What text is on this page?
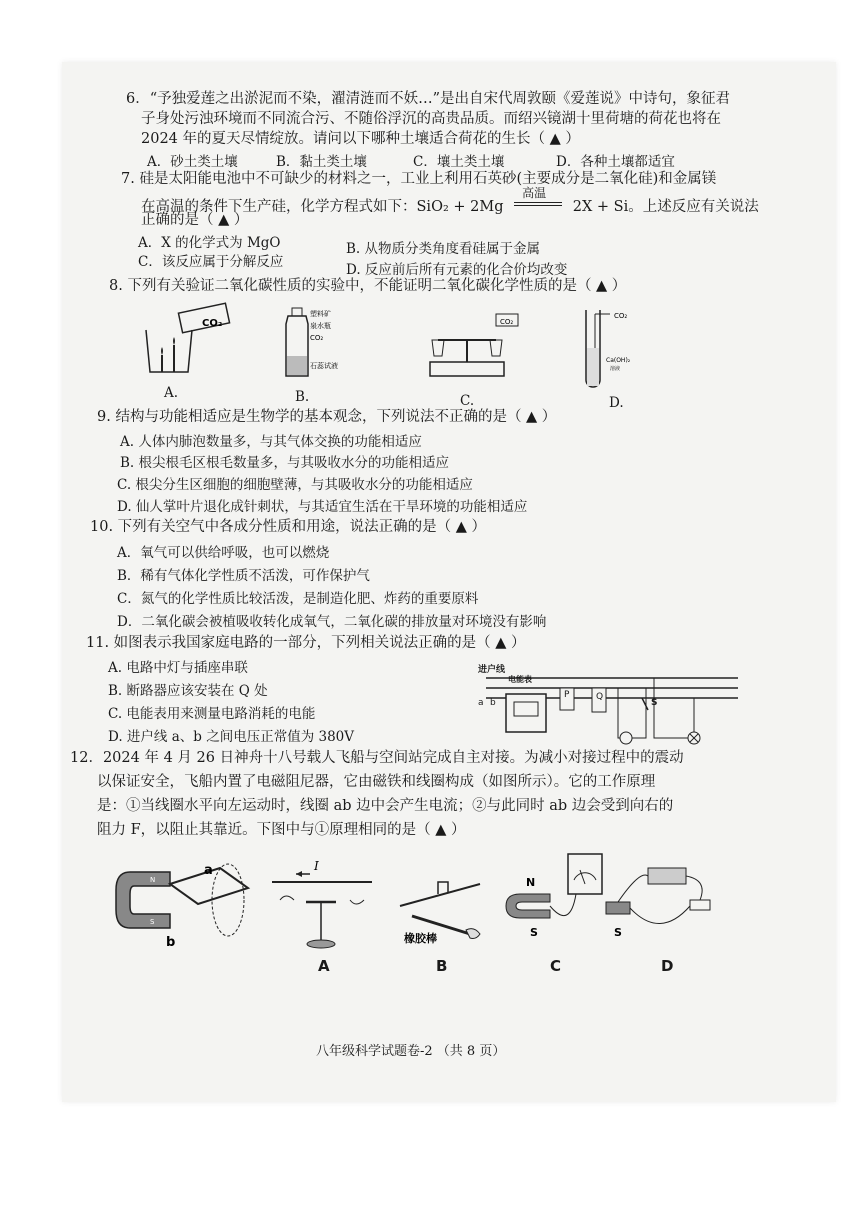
6．“予独爱莲之出淤泥而不染，濯清涟而不妖…”是出自宋代周敦颐《爱莲说》中诗句，象征君
子身处污浊环境而不同流合污、不随俗浮沉的高贵品质。而绍兴镜湖十里荷塘的荷花也将在
2024 年的夏天尽情绽放。请问以下哪种土壤适合荷花的生长（ ▲ ）
A．砂土类土壤	B．黏土类土壤	C．壤土类土壤	D．各种土壤都适宜
7. 硅是太阳能电池中不可缺少的材料之一，工业上利用石英砂(主要成分是二氧化硅)和金属镁
在高温的条件下生产硅，化学方程式如下：SiO₂ + 2Mg
高温
2X + Si。上述反应有关说法
正确的是（ ▲ ）
A．X 的化学式为 MgO	B. 从物质分类角度看硅属于金属
C．该反应属于分解反应	D. 反应前后所有元素的化合价均改变
8. 下列有关验证二氧化碳性质的实验中，不能证明二氧化碳化学性质的是（ ▲ ）
CO₂
塑料矿
泉水瓶
CO₂
石蕊试液
CO₂
CO₂
Ca(OH)₂
溶液
A.	B.	C.	D.
9. 结构与功能相适应是生物学的基本观念，下列说法不正确的是（ ▲ ）
A. 人体内肺泡数量多，与其气体交换的功能相适应
B. 根尖根毛区根毛数量多，与其吸收水分的功能相适应
C. 根尖分生区细胞的细胞壁薄，与其吸收水分的功能相适应
D. 仙人掌叶片退化成针刺状，与其适宜生活在干旱环境的功能相适应
10. 下列有关空气中各成分性质和用途，说法正确的是（ ▲ ）
A．氧气可以供给呼吸，也可以燃烧
B．稀有气体化学性质不活泼，可作保护气
C．氮气的化学性质比较活泼，是制造化肥、炸药的重要原料
D．二氧化碳会被植吸收转化成氧气，二氧化碳的排放量对环境没有影响
11. 如图表示我国家庭电路的一部分，下列相关说法正确的是（ ▲ ）
A. 电路中灯与插座串联
B. 断路器应该安装在 Q 处
C. 电能表用来测量电路消耗的电能
D. 进户线 a、b 之间电压正常值为 380V
进户线
电能表
a b
P	Q
S
12．2024 年 4 月 26 日神舟十八号载人飞船与空间站完成自主对接。为减小对接过程中的震动
以保证安全，飞船内置了电磁阻尼器，它由磁铁和线圈构成（如图所示）。它的工作原理
是：①当线圈水平向左运动时，线圈 ab 边中会产生电流；②与此同时 ab 边会受到向右的
阻力 F，以阻止其靠近。下图中与①原理相同的是（ ▲ ）
N
S
a
b
I
橡胶棒
N
S	S
A	B	C	D
八年级科学试题卷-2 （共 8 页）
